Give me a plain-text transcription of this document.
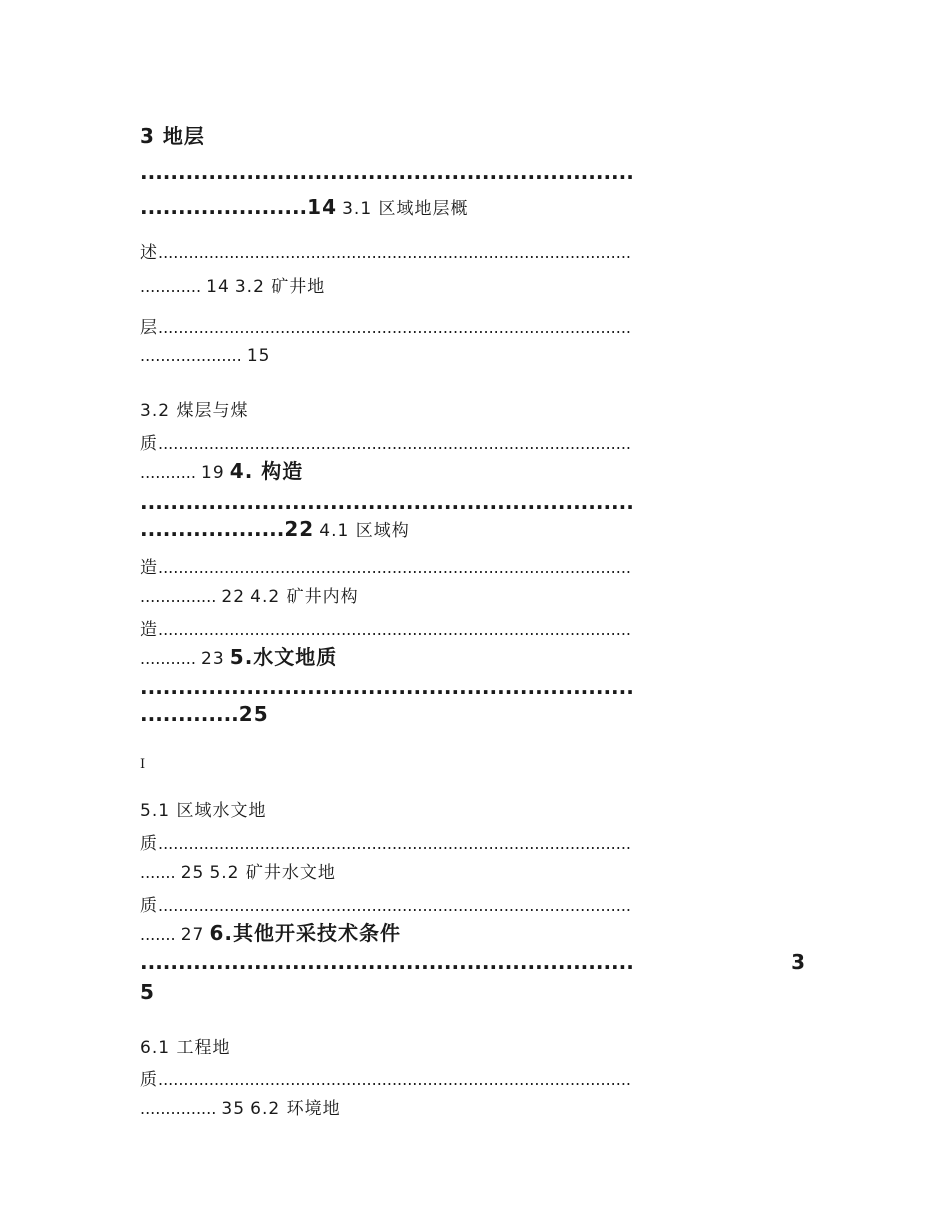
3 地层
.................................................................
......................14 3.1 区域地层概
述 .............................................................................................
............ 14 3.2 矿井地
层 .............................................................................................
.................... 15
3.2 煤层与煤
质 .............................................................................................
........... 19 4. 构造
.................................................................
...................22 4.1 区域构
造 .............................................................................................
............... 22 4.2 矿井内构
造 .............................................................................................
........... 23 5.水文地质
.................................................................
.............25
I
5.1 区域水文地
质 .............................................................................................
....... 25 5.2 矿井水文地
质 .............................................................................................
....... 27 6.其他开采技术条件
.................................................................	3
5
6.1 工程地
质 .............................................................................................
............... 35 6.2 环境地
